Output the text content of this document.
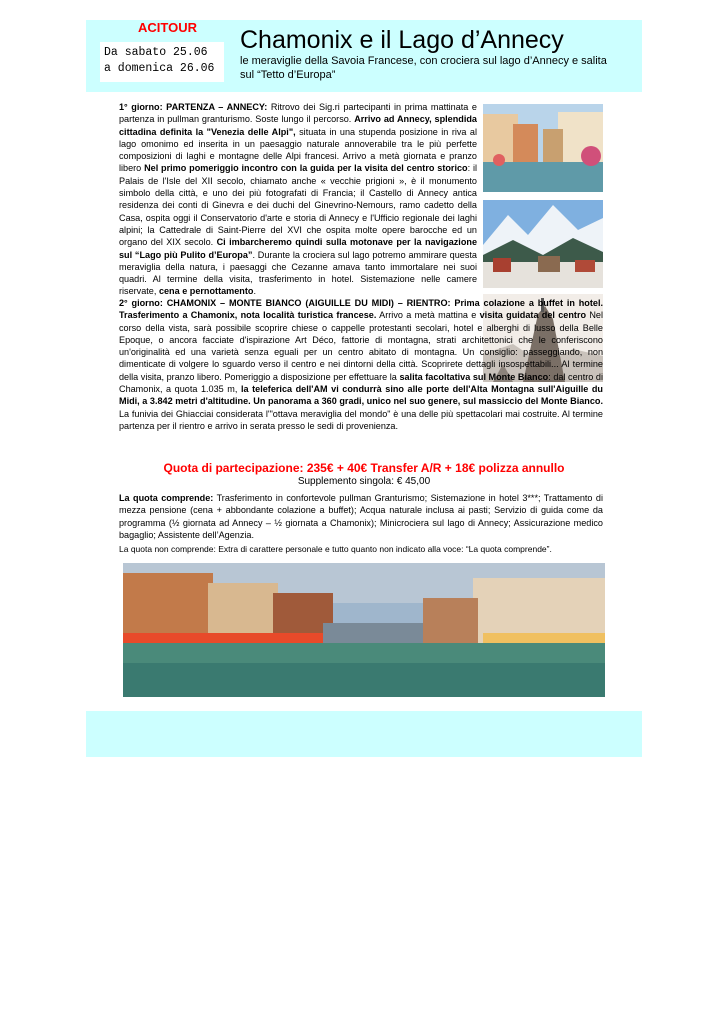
ACITOUR
Da sabato 25.06
a domenica 26.06
Chamonix e il Lago d’Annecy
le meraviglie della Savoia Francese, con crociera sul lago d’Annecy e salita sul “Tetto d’Europa”

1° giorno: PARTENZA – ANNECY: Ritrovo dei Sig.ri partecipanti in prima mattinata e partenza in pullman granturismo. Soste lungo il percorso. Arrivo ad Annecy, splendida cittadina definita la "Venezia delle Alpi", situata in una stupenda posizione in riva al lago omonimo ed inserita in un paesaggio naturale annoverabile tra le più perfette composizioni di laghi e montagne delle Alpi francesi. Arrivo a metà giornata e pranzo libero Nel primo pomeriggio incontro con la guida per la visita del centro storico: il Palais de l'Isle del XII secolo, chiamato anche « vecchie prigioni », è il monumento simbolo della città, e uno dei più fotografati di Francia; il Castello di Annecy antica residenza dei conti di Ginevra e dei duchi del Ginevrino-Nemours, ramo cadetto della Casa, ospita oggi il Conservatorio d'arte e storia di Annecy e l'Ufficio regionale dei laghi alpini; la Cattedrale di Saint-Pierre del XVI che ospita molte opere barocche ed un organo del XIX secolo. Ci imbarcheremo quindi sulla motonave per la navigazione sul “Lago più Pulito d’Europa”. Durante la crociera sul lago potremo ammirare questa meraviglia della natura, i paesaggi che Cezanne amava tanto immortalare nei suoi quadri. Al termine della visita, trasferimento in hotel. Sistemazione nelle camere riservate, cena e pernottamento.

2° giorno: CHAMONIX – MONTE BIANCO (AIGUILLE DU MIDI) – RIENTRO: Prima colazione a buffet in hotel. Trasferimento a Chamonix, nota località turistica francese. Arrivo a metà mattina e visita guidata del centro Nel corso della vista, sarà possibile scoprire chiese o cappelle protestanti secolari, hotel e alberghi di lusso della Belle Epoque, o ancora facciate d'ispirazione Art Déco, fattorie di montagna, strati architettonici che le conferiscono un'originalità ed una varietà senza eguali per un centro abitato di montagna. Un consiglio: passeggiando, non dimenticate di volgere lo sguardo verso il centro e nei dintorni della città. Scoprirete dettagli insospettabili... Al termine della visita, pranzo libero. Pomeriggio a disposizione per effettuare la salita facoltativa sul Monte Bianco: dal centro di Chamonix, a quota 1.035 m, la teleferica dell'AM vi condurrà sino alle porte dell'Alta Montagna sull'Aiguille du Midi, a 3.842 metri d'altitudine. Un panorama a 360 gradi, unico nel suo genere, sul massiccio del Monte Bianco. La funivia dei Ghiacciai considerata l'"ottava meraviglia del mondo" è una delle più spettacolari mai costruite. Al termine partenza per il rientro e arrivo in serata presso le sedi di provenienza.

Quota di partecipazione: 235€ + 40€ Transfer A/R + 18€ polizza annullo
Supplemento singola: € 45,00

La quota comprende: Trasferimento in confortevole pullman Granturismo; Sistemazione in hotel 3***; Trattamento di mezza pensione (cena + abbondante colazione a buffet); Acqua naturale inclusa ai pasti; Servizio di guida come da programma (½ giornata ad Annecy – ½ giornata a Chamonix); Minicrociera sul lago di Annecy; Assicurazione medico bagaglio; Assistente dell’Agenzia.

La quota non comprende: Extra di carattere personale e tutto quanto non indicato alla voce: “La quota comprende”.
